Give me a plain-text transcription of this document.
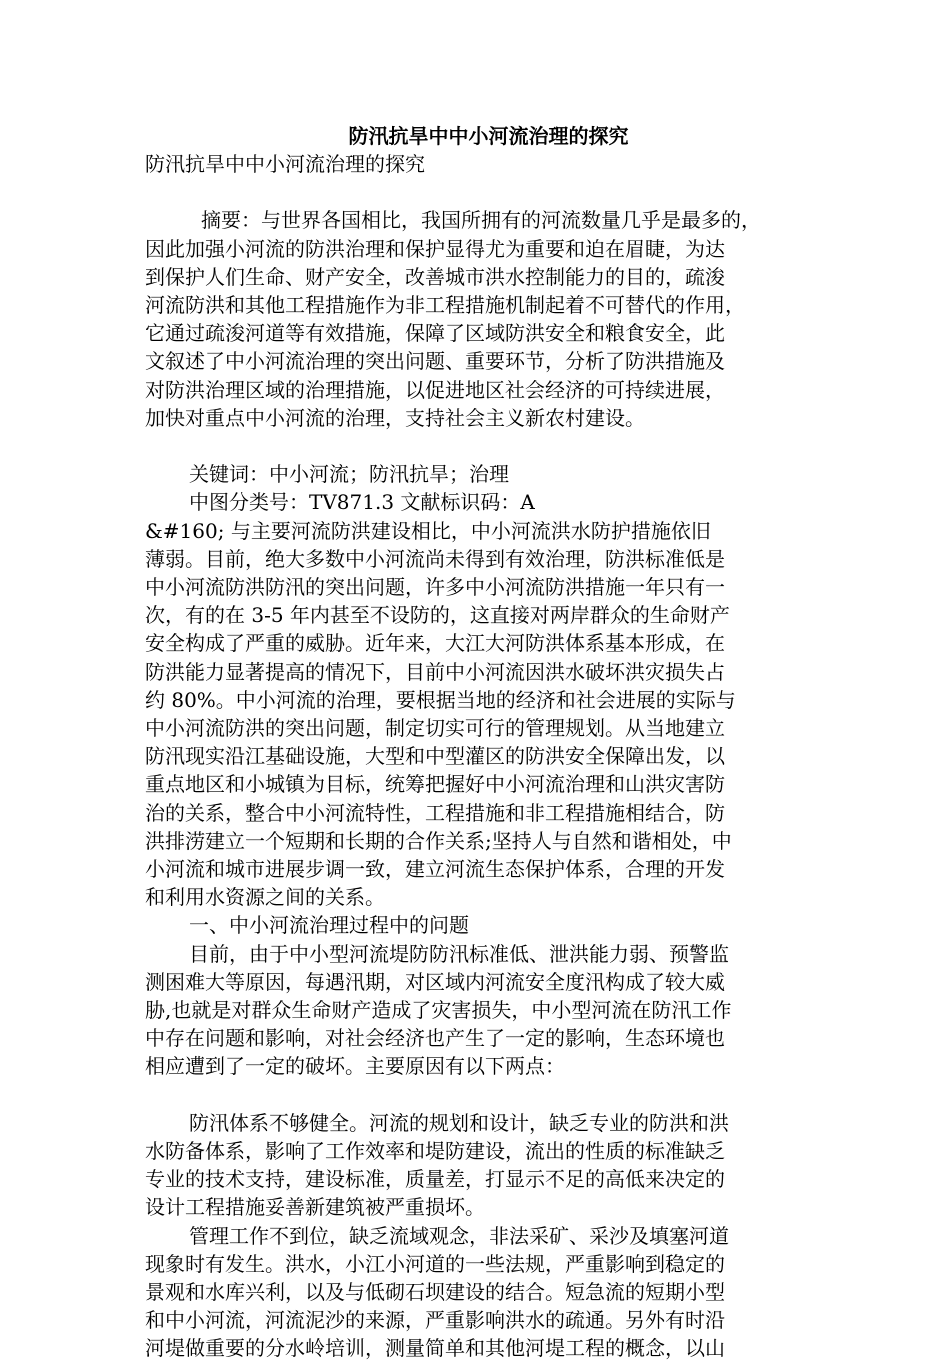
防汛抗旱中中小河流治理的探究
防汛抗旱中中小河流治理的探究
摘要：与世界各国相比，我国所拥有的河流数量几乎是最多的，
因此加强小河流的防洪治理和保护显得尤为重要和迫在眉睫，为达
到保护人们生命、财产安全，改善城市洪水控制能力的目的，疏浚
河流防洪和其他工程措施作为非工程措施机制起着不可替代的作用，
它通过疏浚河道等有效措施，保障了区域防洪安全和粮食安全，此
文叙述了中小河流治理的突出问题、重要环节，分析了防洪措施及
对防洪治理区域的治理措施，以促进地区社会经济的可持续进展，
加快对重点中小河流的治理，支持社会主义新农村建设。
关键词：中小河流；防汛抗旱；治理
中图分类号：TV871.3 文献标识码：A
&#160; 与主要河流防洪建设相比，中小河流洪水防护措施依旧
薄弱。目前，绝大多数中小河流尚未得到有效治理，防洪标准低是
中小河流防洪防汛的突出问题，许多中小河流防洪措施一年只有一
次，有的在 3-5 年内甚至不设防的，这直接对两岸群众的生命财产
安全构成了严重的威胁。近年来，大江大河防洪体系基本形成，在
防洪能力显著提高的情况下，目前中小河流因洪水破坏洪灾损失占
约 80%。中小河流的治理，要根据当地的经济和社会进展的实际与
中小河流防洪的突出问题，制定切实可行的管理规划。从当地建立
防汛现实沿江基础设施，大型和中型灌区的防洪安全保障出发，以
重点地区和小城镇为目标，统筹把握好中小河流治理和山洪灾害防
治的关系，整合中小河流特性，工程措施和非工程措施相结合，防
洪排涝建立一个短期和长期的合作关系;坚持人与自然和谐相处，中
小河流和城市进展步调一致，建立河流生态保护体系，合理的开发
和利用水资源之间的关系。
一、中小河流治理过程中的问题
目前，由于中小型河流堤防防汛标准低、泄洪能力弱、预警监
测困难大等原因，每遇汛期，对区域内河流安全度汛构成了较大威
胁,也就是对群众生命财产造成了灾害损失，中小型河流在防汛工作
中存在问题和影响，对社会经济也产生了一定的影响，生态环境也
相应遭到了一定的破坏。主要原因有以下两点：
防汛体系不够健全。河流的规划和设计，缺乏专业的防洪和洪
水防备体系，影响了工作效率和堤防建设，流出的性质的标准缺乏
专业的技术支持，建设标准，质量差，打显示不足的高低来决定的
设计工程措施妥善新建筑被严重损坏。
管理工作不到位，缺乏流域观念，非法采矿、采沙及填塞河道
现象时有发生。洪水，小江小河道的一些法规，严重影响到稳定的
景观和水库兴利，以及与低砌石坝建设的结合。短急流的短期小型
和中小河流，河流泥沙的来源，严重影响洪水的疏通。另外有时沿
河堤做重要的分水岭培训，测量简单和其他河堤工程的概念，以山
